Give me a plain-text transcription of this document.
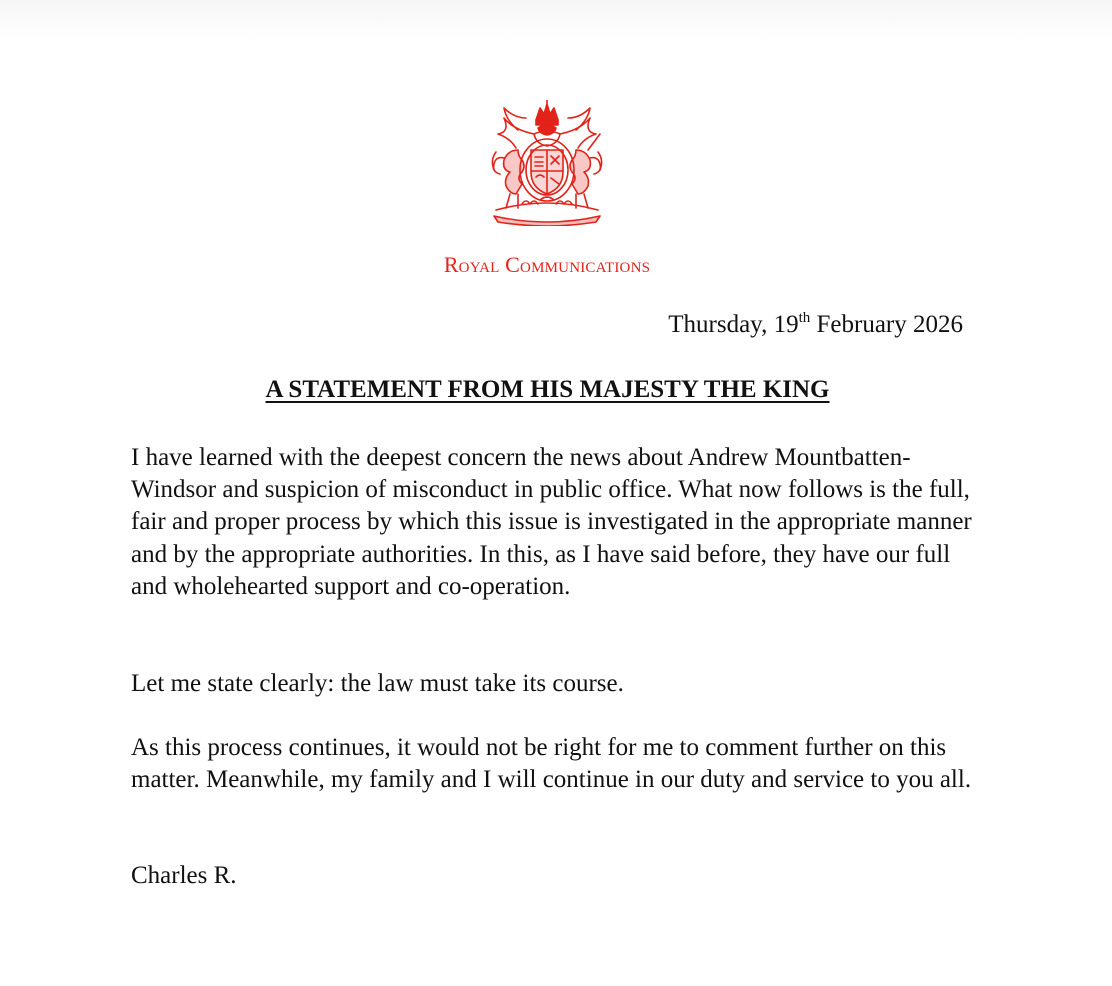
Royal Communications
Thursday, 19th February 2026
A STATEMENT FROM HIS MAJESTY THE KING

I have learned with the deepest concern the news about Andrew Mountbatten-Windsor and suspicion of misconduct in public office. What now follows is the full, fair and proper process by which this issue is investigated in the appropriate manner and by the appropriate authorities. In this, as I have said before, they have our full and wholehearted support and co-operation.

Let me state clearly: the law must take its course.

As this process continues, it would not be right for me to comment further on this matter. Meanwhile, my family and I will continue in our duty and service to you all.

Charles R.
